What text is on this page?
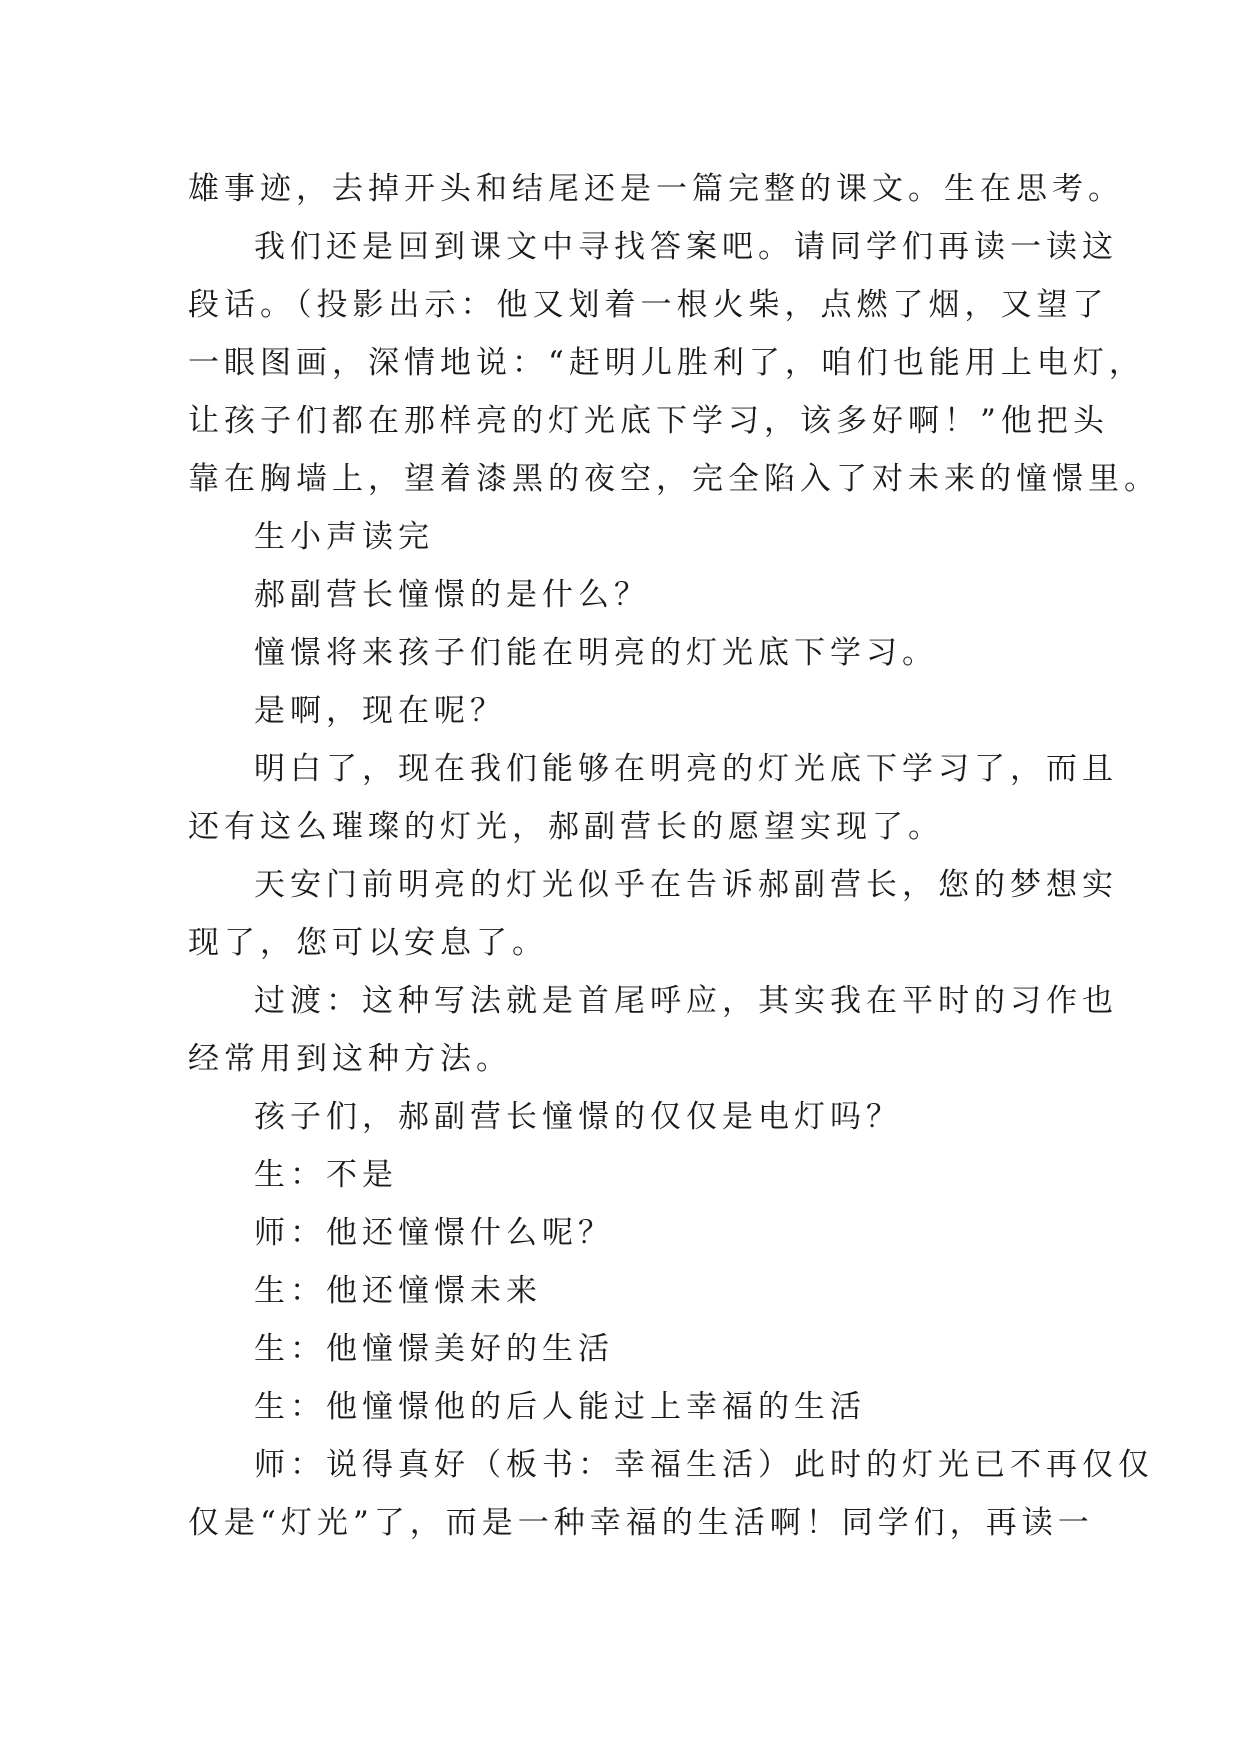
雄事迹，去掉开头和结尾还是一篇完整的课文。生在思考。
我们还是回到课文中寻找答案吧。请同学们再读一读这
段话。（投影出示：他又划着一根火柴，点燃了烟，又望了
一眼图画，深情地说：“赶明儿胜利了，咱们也能用上电灯，
让孩子们都在那样亮的灯光底下学习，该多好啊！”他把头
靠在胸墙上，望着漆黑的夜空，完全陷入了对未来的憧憬里。
生小声读完
郝副营长憧憬的是什么？
憧憬将来孩子们能在明亮的灯光底下学习。
是啊，现在呢？
明白了，现在我们能够在明亮的灯光底下学习了，而且
还有这么璀璨的灯光，郝副营长的愿望实现了。
天安门前明亮的灯光似乎在告诉郝副营长，您的梦想实
现了，您可以安息了。
过渡：这种写法就是首尾呼应，其实我在平时的习作也
经常用到这种方法。
孩子们，郝副营长憧憬的仅仅是电灯吗？
生：不是
师：他还憧憬什么呢？
生：他还憧憬未来
生：他憧憬美好的生活
生：他憧憬他的后人能过上幸福的生活
师：说得真好（板书：幸福生活）此时的灯光已不再仅仅
仅是“灯光”了，而是一种幸福的生活啊！同学们，再读一
